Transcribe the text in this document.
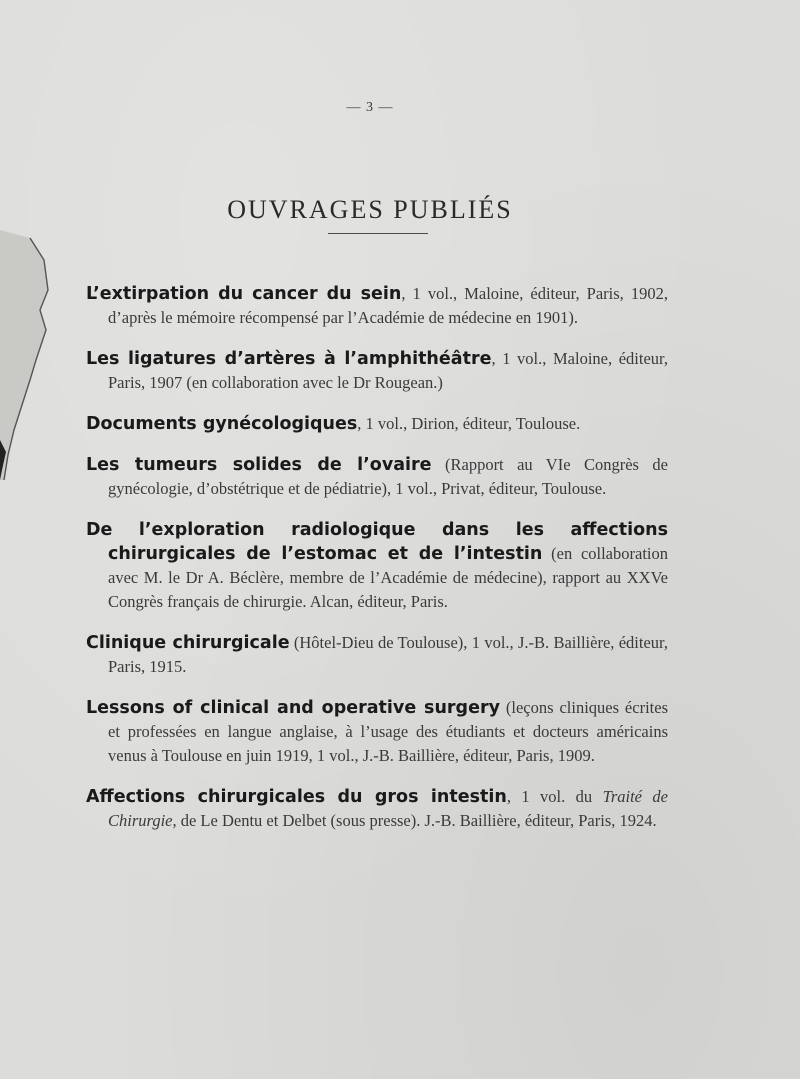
— 3 —
OUVRAGES PUBLIÉS

L’extirpation du cancer du sein, 1 vol., Maloine, éditeur, Paris, 1902, d’après le mémoire récompensé par l’Académie de médecine en 1901).

Les ligatures d’artères à l’amphithéâtre, 1 vol., Maloine, éditeur, Paris, 1907 (en collaboration avec le Dr Rougean.)

Documents gynécologiques, 1 vol., Dirion, éditeur, Toulouse.

Les tumeurs solides de l’ovaire (Rapport au VIe Congrès de gynécologie, d’obstétrique et de pédiatrie), 1 vol., Privat, éditeur, Toulouse.

De l’exploration radiologique dans les affections chirurgicales de l’estomac et de l’intestin (en collaboration avec M. le Dr A. Béclère, membre de l’Académie de médecine), rapport au XXVe Congrès français de chirurgie. Alcan, éditeur, Paris.

Clinique chirurgicale (Hôtel-Dieu de Toulouse), 1 vol., J.-B. Baillière, éditeur, Paris, 1915.

Lessons of clinical and operative surgery (leçons cliniques écrites et professées en langue anglaise, à l’usage des étudiants et docteurs américains venus à Toulouse en juin 1919, 1 vol., J.-B. Baillière, éditeur, Paris, 1909.

Affections chirurgicales du gros intestin, 1 vol. du Traité de Chirurgie, de Le Dentu et Delbet (sous presse). J.-B. Baillière, éditeur, Paris, 1924.
